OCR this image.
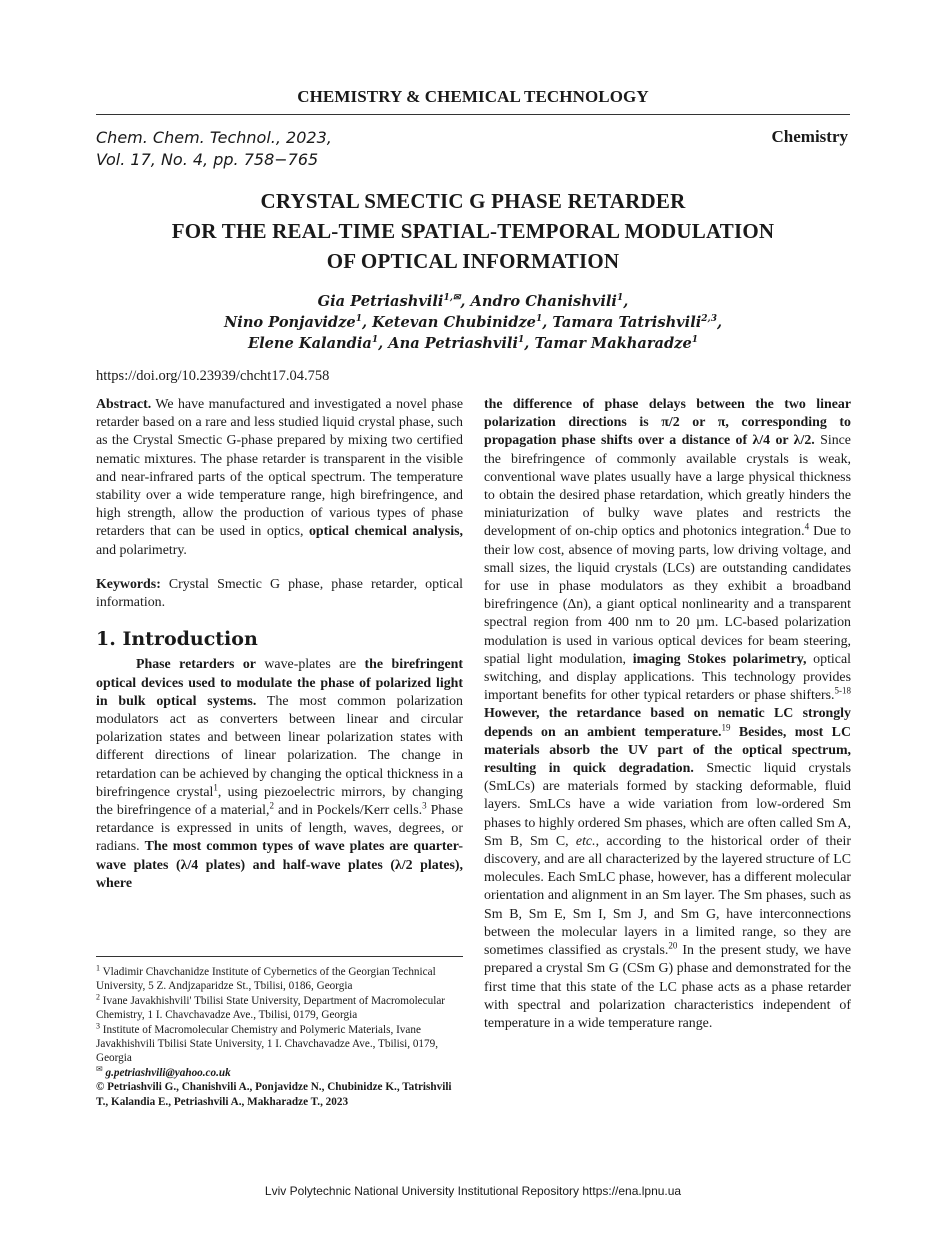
CHEMISTRY & CHEMICAL TECHNOLOGY
Chem. Chem. Technol., 2023,
Vol. 17, No. 4, pp. 758−765
Chemistry
CRYSTAL SMECTIC G PHASE RETARDER
FOR THE REAL-TIME SPATIAL-TEMPORAL MODULATION
OF OPTICAL INFORMATION
Gia Petriashvili$^{1,✉}$, Andro Chanishvili$^1$,
Nino Ponjavidze$^1$, Ketevan Chubinidze$^1$, Tamara Tatrishvili$^{2,3}$,
Elene Kalandia$^1$, Ana Petriashvili$^1$, Tamar Makharadze$^1$
https://doi.org/10.23939/chcht17.04.758

Abstract. We have manufactured and investigated a novel phase retarder based on a rare and less studied liquid crystal phase, such as the Crystal Smectic G-phase prepared by mixing two certified nematic mixtures. The phase retarder is transparent in the visible and near-infrared parts of the optical spectrum. The temperature stability over a wide temperature range, high birefringence, and high strength, allow the production of various types of phase retarders that can be used in optics, optical chemical analysis, and polarimetry.

Keywords: Crystal Smectic G phase, phase retarder, optical information.

1. Introduction

Phase retarders or wave-plates are the birefringent optical devices used to modulate the phase of polarized light in bulk optical systems. The most common polarization modulators act as converters between linear and circular polarization states and between linear polarization states with different directions of linear polarization. The change in retardation can be achieved by changing the optical thickness in a birefringence crystal$^1$, using piezoelectric mirrors, by changing the birefringence of a material,$^2$ and in Pockels/Kerr cells.$^3$ Phase retardance is expressed in units of length, waves, degrees, or radians. The most common types of wave plates are quarter-wave plates (λ/4 plates) and half-wave plates (λ/2 plates), where

$^1$ Vladimir Chavchanidze Institute of Cybernetics of the Georgian Technical University, 5 Z. Andjzaparidze St., Tbilisi, 0186, Georgia

$^2$ Ivane Javakhishvili' Tbilisi State University, Department of Macromolecular Chemistry, 1 I. Chavchavadze Ave., Tbilisi, 0179, Georgia

$^3$ Institute of Macromolecular Chemistry and Polymeric Materials, Ivane Javakhishvili Tbilisi State University, 1 I. Chavchavadze Ave., Tbilisi, 0179, Georgia

✉ g.petriashvili@yahoo.co.uk

© Petriashvili G., Chanishvili A., Ponjavidze N., Chubinidze K., Tatrishvili T., Kalandia E., Petriashvili A., Makharadze T., 2023

the difference of phase delays between the two linear polarization directions is π/2 or π, corresponding to propagation phase shifts over a distance of λ/4 or λ/2. Since the birefringence of commonly available crystals is weak, conventional wave plates usually have a large physical thickness to obtain the desired phase retardation, which greatly hinders the miniaturization of bulky wave plates and restricts the development of on-chip optics and photonics integration.$^4$ Due to their low cost, absence of moving parts, low driving voltage, and small sizes, the liquid crystals (LCs) are outstanding candidates for use in phase modulators as they exhibit a broadband birefringence (Δn), a giant optical nonlinearity and a transparent spectral region from 400 nm to 20 µm. LC-based polarization modulation is used in various optical devices for beam steering, spatial light modulation, imaging Stokes polarimetry, optical switching, and display applications. This technology provides important benefits for other typical retarders or phase shifters.$^{5-18}$ However, the retardance based on nematic LC strongly depends on an ambient temperature.$^{19}$ Besides, most LC materials absorb the UV part of the optical spectrum, resulting in quick degradation. Smectic liquid crystals (SmLCs) are materials formed by stacking deformable, fluid layers. SmLCs have a wide variation from low-ordered Sm phases to highly ordered Sm phases, which are often called Sm A, Sm B, Sm C, etc., according to the historical order of their discovery, and are all characterized by the layered structure of LC molecules. Each SmLC phase, however, has a different molecular orientation and alignment in an Sm layer. The Sm phases, such as Sm B, Sm E, Sm I, Sm J, and Sm G, have interconnections between the molecular layers in a limited range, so they are sometimes classified as crystals.$^{20}$ In the present study, we have prepared a crystal Sm G (CSm G) phase and demonstrated for the first time that this state of the LC phase acts as a phase retarder with spectral and polarization characteristics independent of temperature in a wide temperature range.

Lviv Polytechnic National University Institutional Repository https://ena.lpnu.ua
